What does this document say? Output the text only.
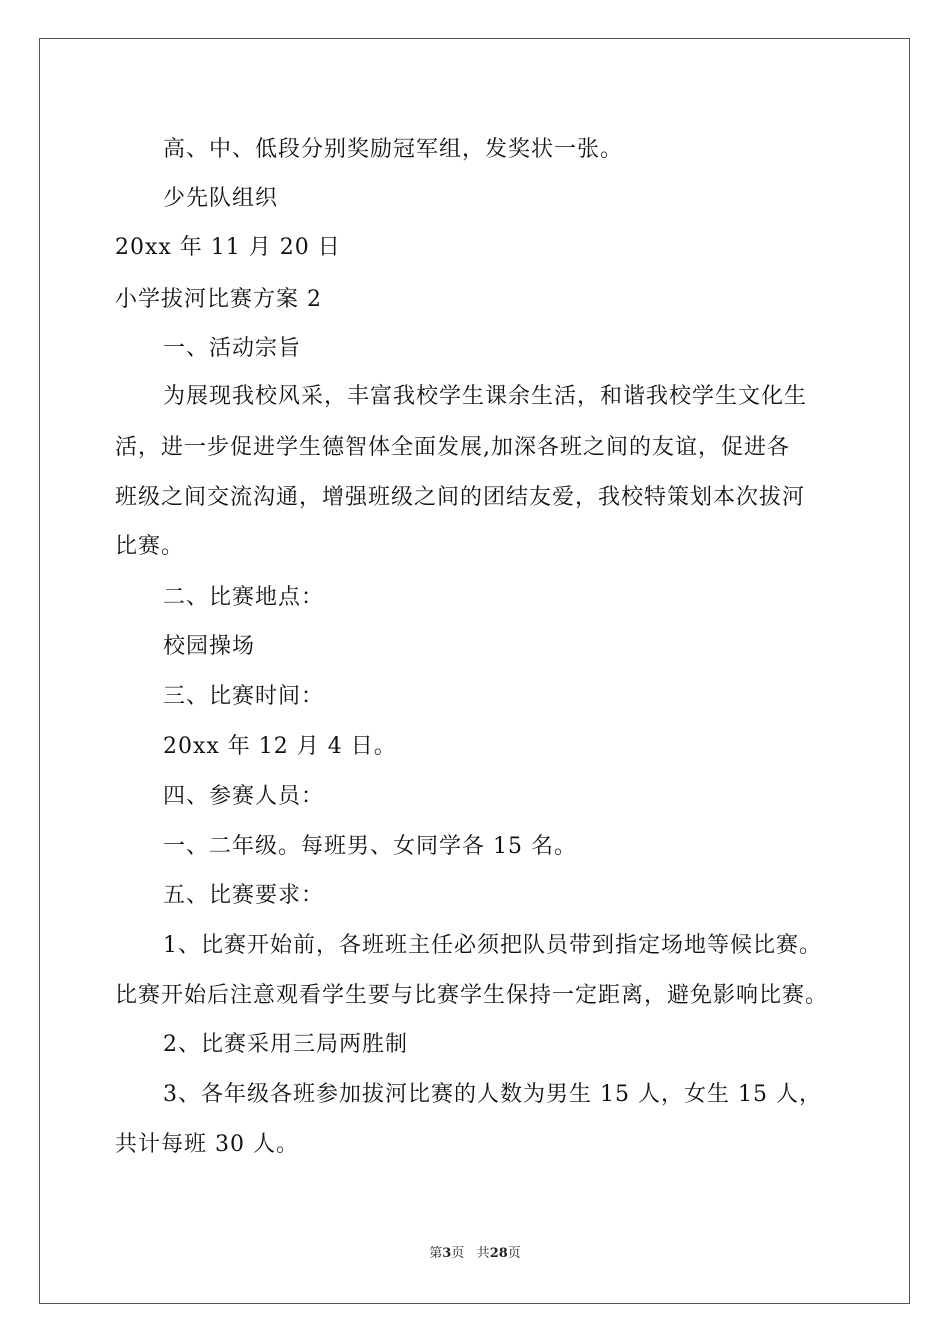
高、中、低段分别奖励冠军组，发奖状一张。
少先队组织
20xx 年 11 月 20 日
小学拔河比赛方案 2
一、活动宗旨
为展现我校风采，丰富我校学生课余生活，和谐我校学生文化生
活，进一步促进学生德智体全面发展,加深各班之间的友谊，促进各
班级之间交流沟通，增强班级之间的团结友爱，我校特策划本次拔河
比赛。
二、比赛地点：
校园操场
三、比赛时间：
20xx 年 12 月 4 日。
四、参赛人员：
一、二年级。每班男、女同学各 15 名。
五、比赛要求：
1、比赛开始前，各班班主任必须把队员带到指定场地等候比赛。
比赛开始后注意观看学生要与比赛学生保持一定距离，避免影响比赛。
2、比赛采用三局两胜制
3、各年级各班参加拔河比赛的人数为男生 15 人，女生 15 人，
共计每班 30 人。
第3页 共28页
